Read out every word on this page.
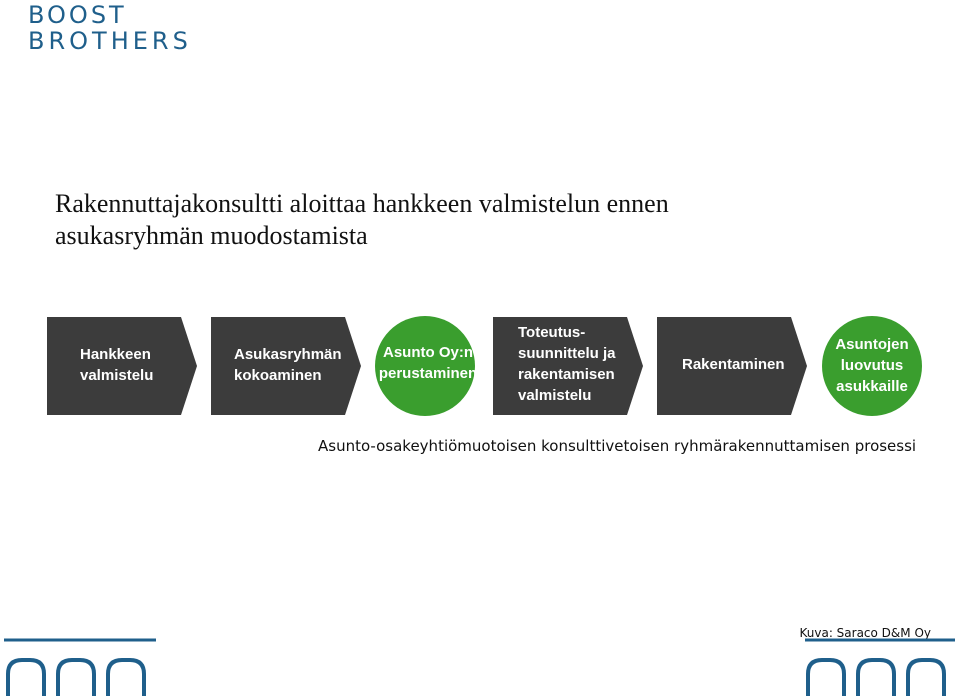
BOOST
BROTHERS
Rakennuttajakonsultti aloittaa hankkeen valmistelun ennen
asukasryhmän muodostamista
Hankkeen
valmistelu
Asukasryhmän
kokoaminen
Asunto Oy:n
perustaminen
Toteutus-
suunnittelu ja
rakentamisen
valmistelu
Rakentaminen
Asuntojen
luovutus
asukkaille
Asunto-osakeyhtiömuotoisen konsulttivetoisen ryhmärakennuttamisen prosessi
Kuva: Saraco D&M Oy
